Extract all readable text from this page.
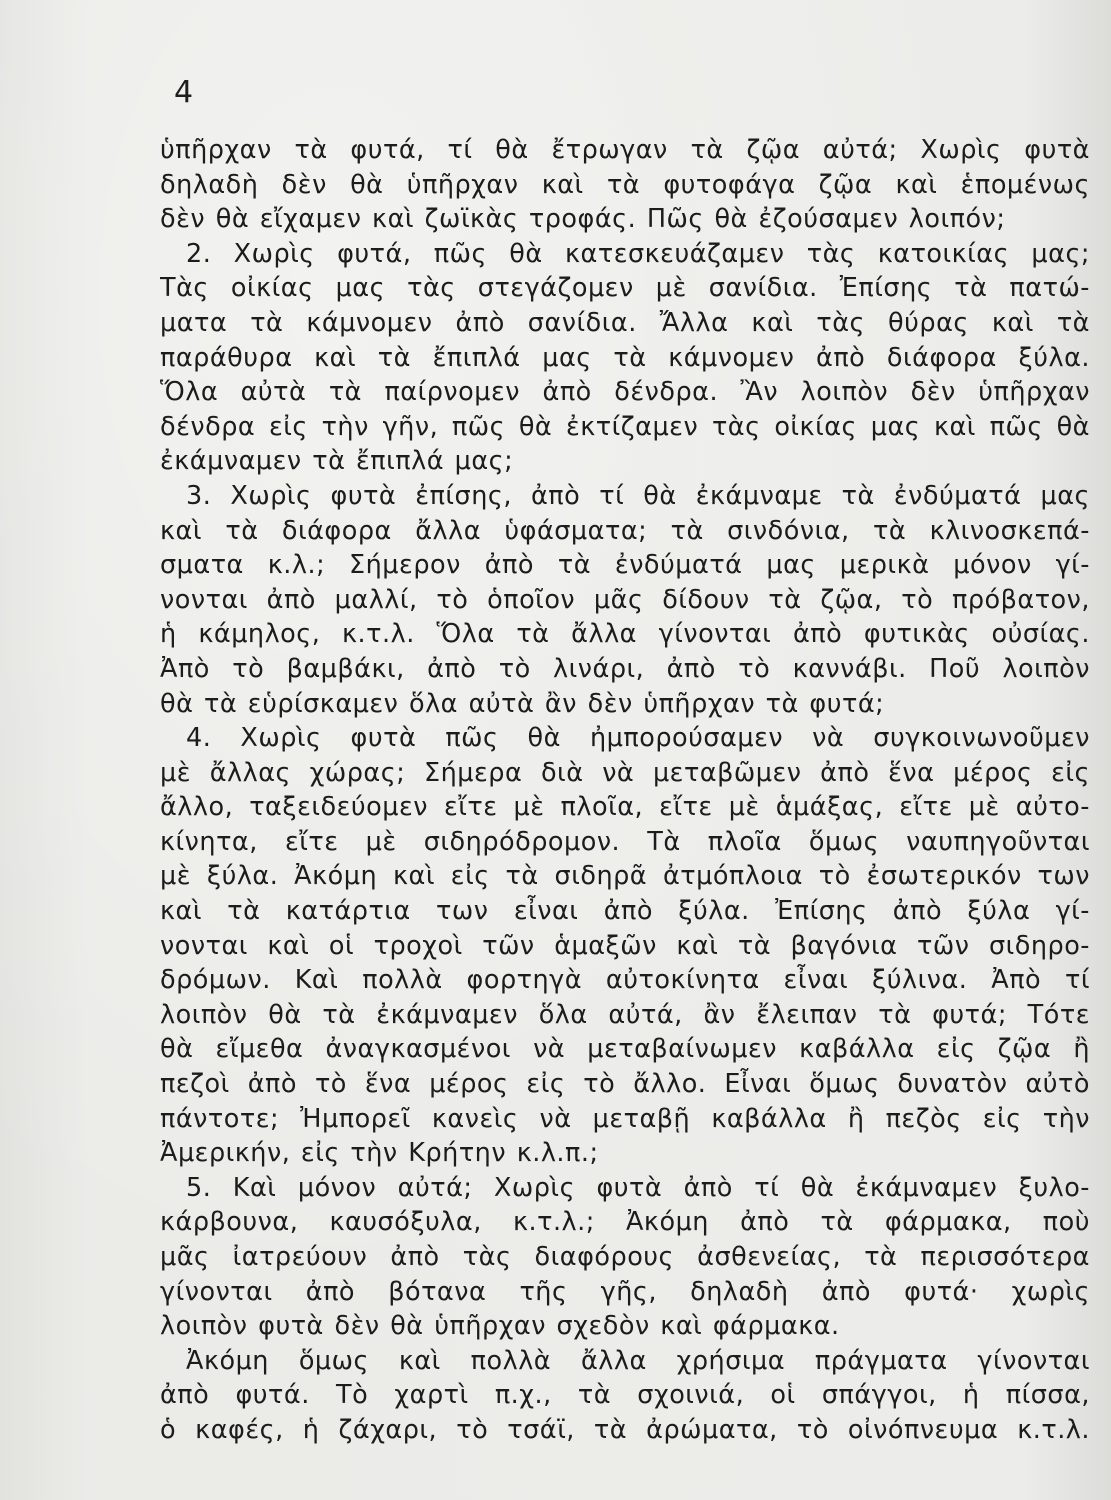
4
ὑπῆρχαν τὰ φυτά, τί θὰ ἔτρωγαν τὰ ζῷα αὐτά; Χωρὶς φυτὰ
δηλαδὴ δὲν θὰ ὑπῆρχαν καὶ τὰ φυτοφάγα ζῷα καὶ ἑπομένως
δὲν θὰ εἴχαμεν καὶ ζωϊκὰς τροφάς. Πῶς θὰ ἐζούσαμεν λοιπόν;
2. Χωρὶς φυτά, πῶς θὰ κατεσκευάζαμεν τὰς κατοικίας μας;
Τὰς οἰκίας μας τὰς στεγάζομεν μὲ σανίδια. Ἐπίσης τὰ πατώ-
ματα τὰ κάμνομεν ἀπὸ σανίδια. Ἄλλα καὶ τὰς θύρας καὶ τὰ
παράθυρα καὶ τὰ ἔπιπλά μας τὰ κάμνομεν ἀπὸ διάφορα ξύλα.
Ὅλα αὐτὰ τὰ παίρνομεν ἀπὸ δένδρα. Ἂν λοιπὸν δὲν ὑπῆρχαν
δένδρα εἰς τὴν γῆν, πῶς θὰ ἐκτίζαμεν τὰς οἰκίας μας καὶ πῶς θὰ
ἐκάμναμεν τὰ ἔπιπλά μας;
3. Χωρὶς φυτὰ ἐπίσης, ἀπὸ τί θὰ ἐκάμναμε τὰ ἐνδύματά μας
καὶ τὰ διάφορα ἄλλα ὑφάσματα; τὰ σινδόνια, τὰ κλινοσκεπά-
σματα κ.λ.; Σήμερον ἀπὸ τὰ ἐνδύματά μας μερικὰ μόνον γί-
νονται ἀπὸ μαλλί, τὸ ὁποῖον μᾶς δίδουν τὰ ζῷα, τὸ πρόβατον,
ἡ κάμηλος, κ.τ.λ. Ὅλα τὰ ἄλλα γίνονται ἀπὸ φυτικὰς οὐσίας.
Ἀπὸ τὸ βαμβάκι, ἀπὸ τὸ λινάρι, ἀπὸ τὸ καννάβι. Ποῦ λοιπὸν
θὰ τὰ εὑρίσκαμεν ὅλα αὐτὰ ἂν δὲν ὑπῆρχαν τὰ φυτά;
4. Χωρὶς φυτὰ πῶς θὰ ἠμπορούσαμεν νὰ συγκοινωνοῦμεν
μὲ ἄλλας χώρας; Σήμερα διὰ νὰ μεταβῶμεν ἀπὸ ἕνα μέρος εἰς
ἄλλο, ταξειδεύομεν εἴτε μὲ πλοῖα, εἴτε μὲ ἁμάξας, εἴτε μὲ αὐτο-
κίνητα, εἴτε μὲ σιδηρόδρομον. Τὰ πλοῖα ὅμως ναυπηγοῦνται
μὲ ξύλα. Ἀκόμη καὶ εἰς τὰ σιδηρᾶ ἀτμόπλοια τὸ ἐσωτερικόν των
καὶ τὰ κατάρτια των εἶναι ἀπὸ ξύλα. Ἐπίσης ἀπὸ ξύλα γί-
νονται καὶ οἱ τροχοὶ τῶν ἁμαξῶν καὶ τὰ βαγόνια τῶν σιδηρο-
δρόμων. Καὶ πολλὰ φορτηγὰ αὐτοκίνητα εἶναι ξύλινα. Ἀπὸ τί
λοιπὸν θὰ τὰ ἐκάμναμεν ὅλα αὐτά, ἂν ἔλειπαν τὰ φυτά; Τότε
θὰ εἴμεθα ἀναγκασμένοι νὰ μεταβαίνωμεν καβάλλα εἰς ζῷα ἢ
πεζοὶ ἀπὸ τὸ ἕνα μέρος εἰς τὸ ἄλλο. Εἶναι ὅμως δυνατὸν αὐτὸ
πάντοτε; Ἠμπορεῖ κανεὶς νὰ μεταβῇ καβάλλα ἢ πεζὸς εἰς τὴν
Ἀμερικήν, εἰς τὴν Κρήτην κ.λ.π.;
5. Καὶ μόνον αὐτά; Χωρὶς φυτὰ ἀπὸ τί θὰ ἐκάμναμεν ξυλο-
κάρβουνα, καυσόξυλα, κ.τ.λ.; Ἀκόμη ἀπὸ τὰ φάρμακα, ποὺ
μᾶς ἰατρεύουν ἀπὸ τὰς διαφόρους ἀσθενείας, τὰ περισσότερα
γίνονται ἀπὸ βότανα τῆς γῆς, δηλαδὴ ἀπὸ φυτά· χωρὶς
λοιπὸν φυτὰ δὲν θὰ ὑπῆρχαν σχεδὸν καὶ φάρμακα.
Ἀκόμη ὅμως καὶ πολλὰ ἄλλα χρήσιμα πράγματα γίνονται
ἀπὸ φυτά. Τὸ χαρτὶ π.χ., τὰ σχοινιά, οἱ σπάγγοι, ἡ πίσσα,
ὁ καφές, ἡ ζάχαρι, τὸ τσάϊ, τὰ ἀρώματα, τὸ οἰνόπνευμα κ.τ.λ.
